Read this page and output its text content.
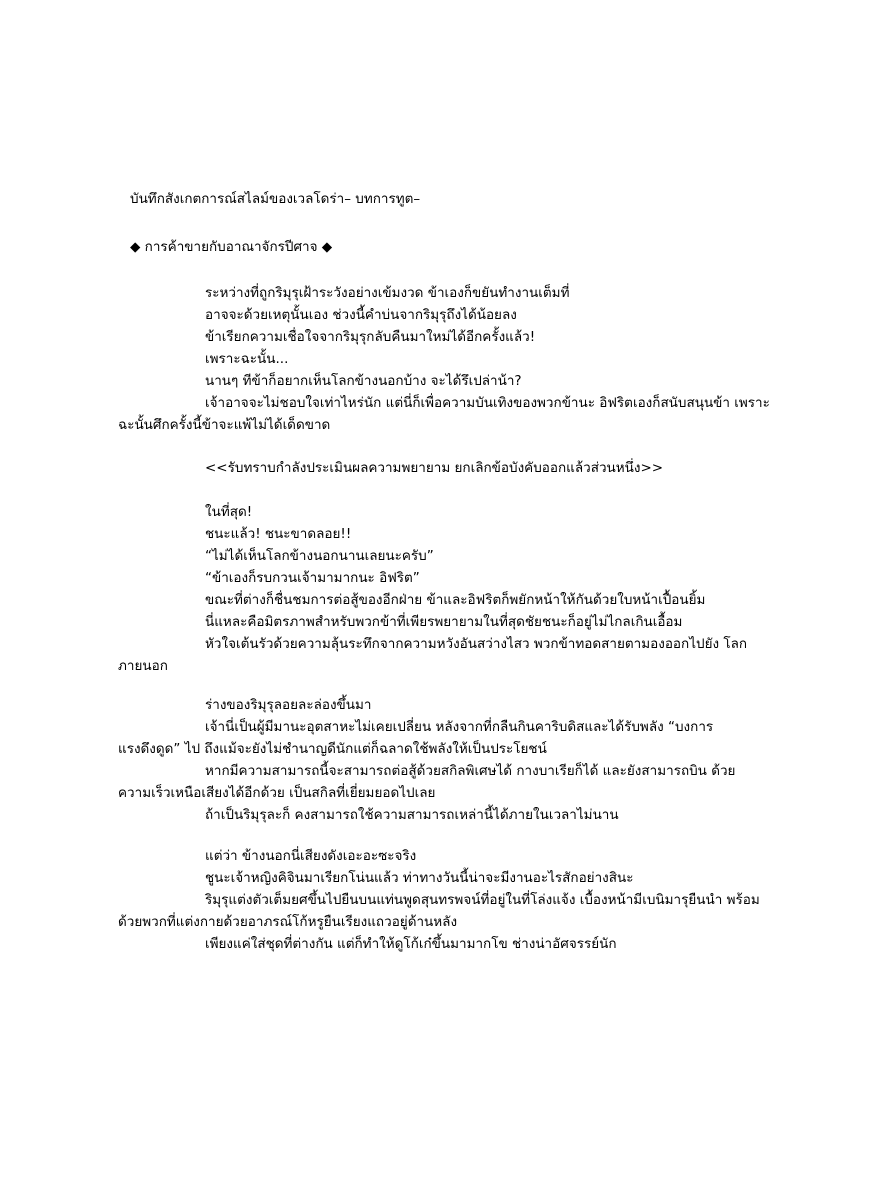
บันทึกสังเกตการณ์สไลม์ของเวลโดร่า– บทการทูต–
◆ การค้าขายกับอาณาจักรปีศาจ ◆
ระหว่างที่ถูกริมุรุเฝ้าระวังอย่างเข้มงวด ข้าเองก็ขยันทำงานเต็มที่
อาจจะด้วยเหตุนั้นเอง ช่วงนี้คำบ่นจากริมุรุถึงได้น้อยลง
ข้าเรียกความเชื่อใจจากริมุรุกลับคืนมาใหม่ได้อีกครั้งแล้ว!
เพราะฉะนั้น...
นานๆ ทีข้าก็อยากเห็นโลกข้างนอกบ้าง จะได้รึเปล่าน้า?
เจ้าอาจจะไม่ชอบใจเท่าไหร่นัก แต่นี่ก็เพื่อความบันเทิงของพวกข้านะ อิฟริตเองก็สนับสนุนข้า เพราะฉะนั้นศึกครั้งนี้ข้าจะแพ้ไม่ได้เด็ดขาด
<<รับทราบกำลังประเมินผลความพยายาม ยกเลิกข้อบังคับออกแล้วส่วนหนึ่ง>>
ในที่สุด!
ชนะแล้ว! ชนะขาดลอย!!
“ไม่ได้เห็นโลกข้างนอกนานเลยนะครับ”
“ข้าเองก็รบกวนเจ้ามามากนะ อิฟริต”
ขณะที่ต่างก็ชื่นชมการต่อสู้ของอีกฝ่าย ข้าและอิฟริตก็พยักหน้าให้กันด้วยใบหน้าเปื้อนยิ้ม
นี่แหละคือมิตรภาพสำหรับพวกข้าที่เพียรพยายามในที่สุดชัยชนะก็อยู่ไม่ไกลเกินเอื้อม
หัวใจเต้นรัวด้วยความลุ้นระทึกจากความหวังอันสว่างไสว พวกข้าทอดสายตามองออกไปยัง โลกภายนอก
ร่างของริมุรุลอยละล่องขึ้นมา
เจ้านี่เป็นผู้มีมานะอุตสาหะไม่เคยเปลี่ยน หลังจากที่กลืนกินคาริบดิสและได้รับพลัง “บงการ แรงดึงดูด” ไป ถึงแม้จะยังไม่ชำนาญดีนักแต่ก็ฉลาดใช้พลังให้เป็นประโยชน์
หากมีความสามารถนี้จะสามารถต่อสู้ด้วยสกิลพิเศษได้ กางบาเรียก็ได้ และยังสามารถบิน ด้วยความเร็วเหนือเสียงได้อีกด้วย เป็นสกิลที่เยี่ยมยอดไปเลย
ถ้าเป็นริมุรุละก็ คงสามารถใช้ความสามารถเหล่านี้ได้ภายในเวลาไม่นาน
แต่ว่า ข้างนอกนี่เสียงดังเอะอะซะจริง
ชูนะเจ้าหญิงคิจินมาเรียกโน่นแล้ว ท่าทางวันนี้น่าจะมีงานอะไรสักอย่างสินะ
ริมุรุแต่งตัวเต็มยศขึ้นไปยืนบนแท่นพูดสุนทรพจน์ที่อยู่ในที่โล่งแจ้ง เบื้องหน้ามีเบนิมารุยืนนำ พร้อมด้วยพวกที่แต่งกายด้วยอาภรณ์โก้หรูยืนเรียงแถวอยู่ด้านหลัง
เพียงแค่ใส่ชุดที่ต่างกัน แต่ก็ทำให้ดูโก้เก๋ขึ้นมามากโข ช่างน่าอัศจรรย์นัก
